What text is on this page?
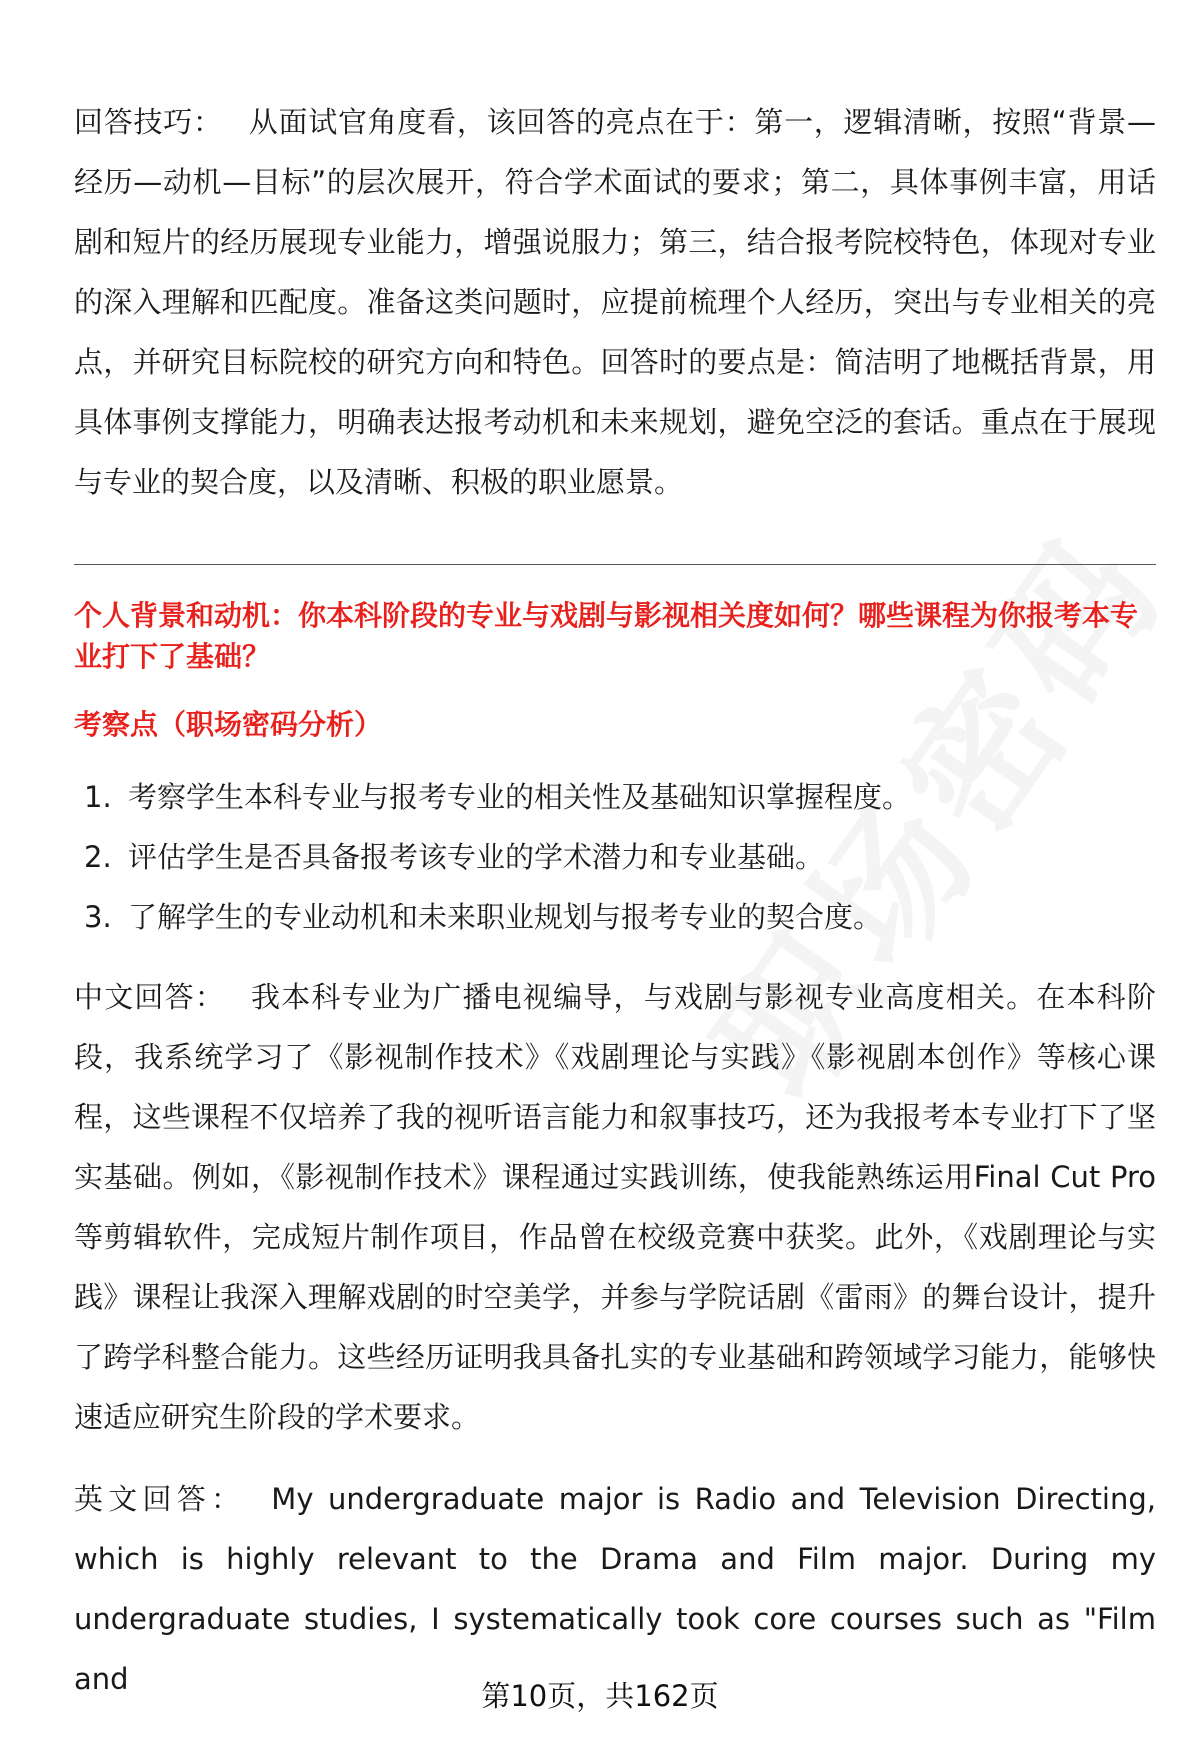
回答技巧： 从面试官角度看，该回答的亮点在于：第一，逻辑清晰，按照“背景—经历—动机—目标”的层次展开，符合学术面试的要求；第二，具体事例丰富，用话剧和短片的经历展现专业能力，增强说服力；第三，结合报考院校特色，体现对专业的深入理解和匹配度。准备这类问题时，应提前梳理个人经历，突出与专业相关的亮点，并研究目标院校的研究方向和特色。回答时的要点是：简洁明了地概括背景，用具体事例支撑能力，明确表达报考动机和未来规划，避免空泛的套话。重点在于展现与专业的契合度，以及清晰、积极的职业愿景。

个人背景和动机：你本科阶段的专业与戏剧与影视相关度如何？哪些课程为你报考本专业打下了基础？

考察点（职场密码分析）

1. 考察学生本科专业与报考专业的相关性及基础知识掌握程度。
2. 评估学生是否具备报考该专业的学术潜力和专业基础。
3. 了解学生的专业动机和未来职业规划与报考专业的契合度。

中文回答： 我本科专业为广播电视编导，与戏剧与影视专业高度相关。在本科阶段，我系统学习了《影视制作技术》《戏剧理论与实践》《影视剧本创作》等核心课程，这些课程不仅培养了我的视听语言能力和叙事技巧，还为我报考本专业打下了坚实基础。例如，《影视制作技术》课程通过实践训练，使我能熟练运用Final Cut Pro等剪辑软件，完成短片制作项目，作品曾在校级竞赛中获奖。此外，《戏剧理论与实践》课程让我深入理解戏剧的时空美学，并参与学院话剧《雷雨》的舞台设计，提升了跨学科整合能力。这些经历证明我具备扎实的专业基础和跨领域学习能力，能够快速适应研究生阶段的学术要求。

英文回答： My undergraduate major is Radio and Television Directing, which is highly relevant to the Drama and Film major. During my undergraduate studies, I systematically took core courses such as "Film and	第10页，共162页
